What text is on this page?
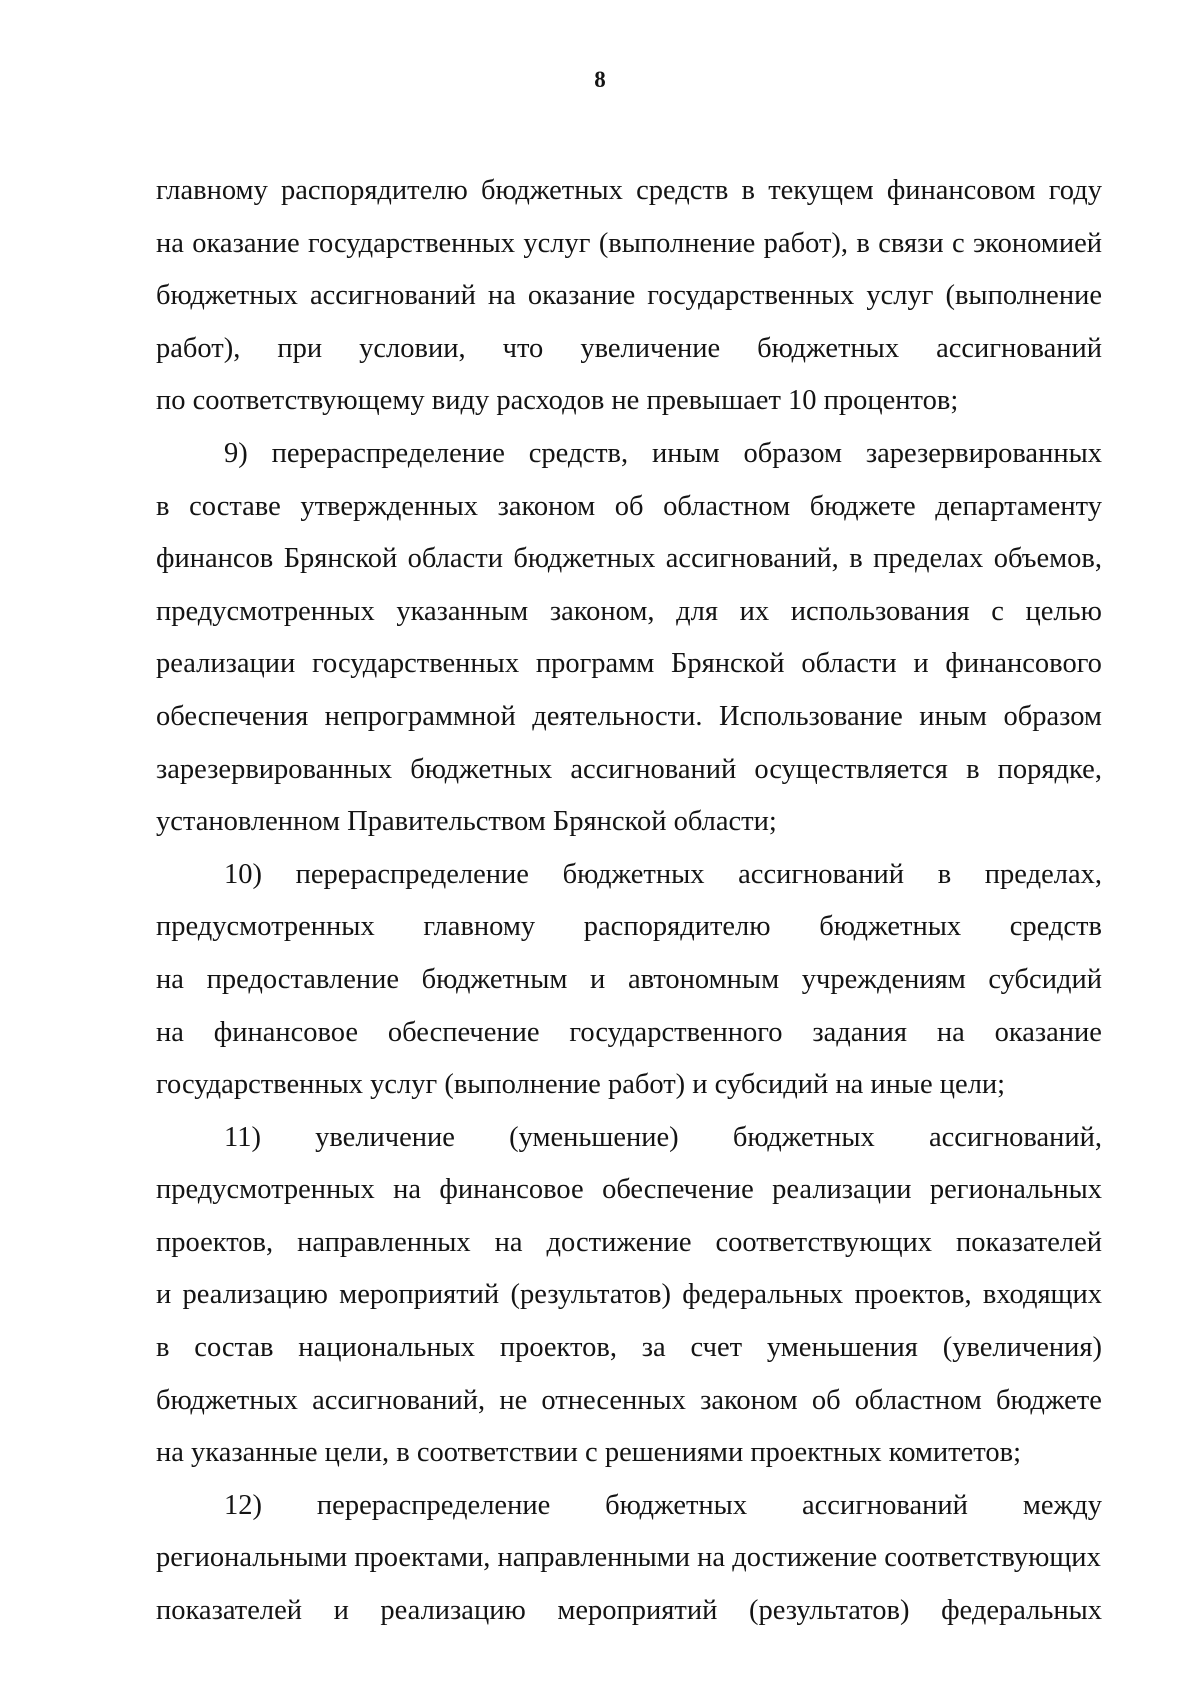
8
главному распорядителю бюджетных средств в текущем финансовом году
на оказание государственных услуг (выполнение работ), в связи с экономией
бюджетных ассигнований на оказание государственных услуг (выполнение
работ), при условии, что увеличение бюджетных ассигнований
по соответствующему виду расходов не превышает 10 процентов;
9) перераспределение средств, иным образом зарезервированных
в составе утвержденных законом об областном бюджете департаменту
финансов Брянской области бюджетных ассигнований, в пределах объемов,
предусмотренных указанным законом, для их использования с целью
реализации государственных программ Брянской области и финансового
обеспечения непрограммной деятельности. Использование иным образом
зарезервированных бюджетных ассигнований осуществляется в порядке,
установленном Правительством Брянской области;
10) перераспределение бюджетных ассигнований в пределах,
предусмотренных главному распорядителю бюджетных средств
на предоставление бюджетным и автономным учреждениям субсидий
на финансовое обеспечение государственного задания на оказание
государственных услуг (выполнение работ) и субсидий на иные цели;
11) увеличение (уменьшение) бюджетных ассигнований,
предусмотренных на финансовое обеспечение реализации региональных
проектов, направленных на достижение соответствующих показателей
и реализацию мероприятий (результатов) федеральных проектов, входящих
в состав национальных проектов, за счет уменьшения (увеличения)
бюджетных ассигнований, не отнесенных законом об областном бюджете
на указанные цели, в соответствии с решениями проектных комитетов;
12) перераспределение бюджетных ассигнований между
региональными проектами, направленными на достижение соответствующих
показателей и реализацию мероприятий (результатов) федеральных
